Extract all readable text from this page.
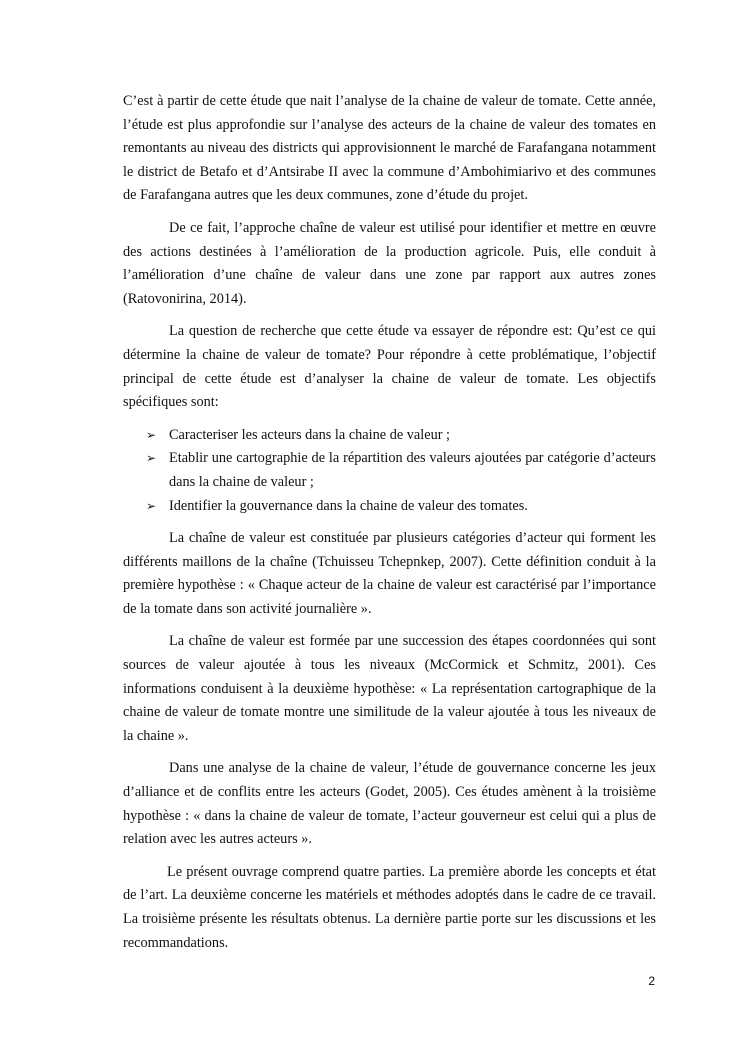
C’est à partir de cette étude que nait l’analyse de la chaine de valeur de tomate. Cette année, l’étude est plus approfondie sur l’analyse des acteurs de la chaine de valeur des tomates en remontants au niveau des districts qui approvisionnent le marché de Farafangana notamment le district de Betafo et d’Antsirabe II avec la commune d’Ambohimiarivo et des communes de Farafangana autres que les deux communes, zone d’étude du projet.

De ce fait, l’approche chaîne de valeur est utilisé pour identifier et mettre en œuvre des actions destinées à l’amélioration de la production agricole. Puis, elle conduit à l’amélioration d’une chaîne de valeur dans une zone par rapport aux autres zones (Ratovonirina, 2014).

La question de recherche que cette étude va essayer de répondre est: Qu’est ce qui détermine la chaine de valeur de tomate? Pour répondre à cette problématique, l’objectif principal de cette étude est d’analyser la chaine de valeur de tomate. Les objectifs spécifiques sont:

➢ Caracteriser les acteurs dans la chaine de valeur ;
➢ Etablir une cartographie de la répartition des valeurs ajoutées par catégorie d’acteurs dans la chaine de valeur ;
➢ Identifier la gouvernance dans la chaine de valeur des tomates.

La chaîne de valeur est constituée par plusieurs catégories d’acteur qui forment les différents maillons de la chaîne (Tchuisseu Tchepnkep, 2007). Cette définition conduit à la première hypothèse : « Chaque acteur de la chaine de valeur est caractérisé par l’importance de la tomate dans son activité journalière ».

La chaîne de valeur est formée par une succession des étapes coordonnées qui sont sources de valeur ajoutée à tous les niveaux (McCormick et Schmitz, 2001). Ces informations conduisent à la deuxième hypothèse: « La représentation cartographique de la chaine de valeur de tomate montre une similitude de la valeur ajoutée à tous les niveaux de la chaine ».

Dans une analyse de la chaine de valeur, l’étude de gouvernance concerne les jeux d’alliance et de conflits entre les acteurs (Godet, 2005). Ces études amènent à la troisième hypothèse : « dans la chaine de valeur de tomate, l’acteur gouverneur est celui qui a plus de relation avec les autres acteurs ».

Le présent ouvrage comprend quatre parties. La première aborde les concepts et état de l’art. La deuxième concerne les matériels et méthodes adoptés dans le cadre de ce travail. La troisième présente les résultats obtenus. La dernière partie porte sur les discussions et les recommandations.

2
